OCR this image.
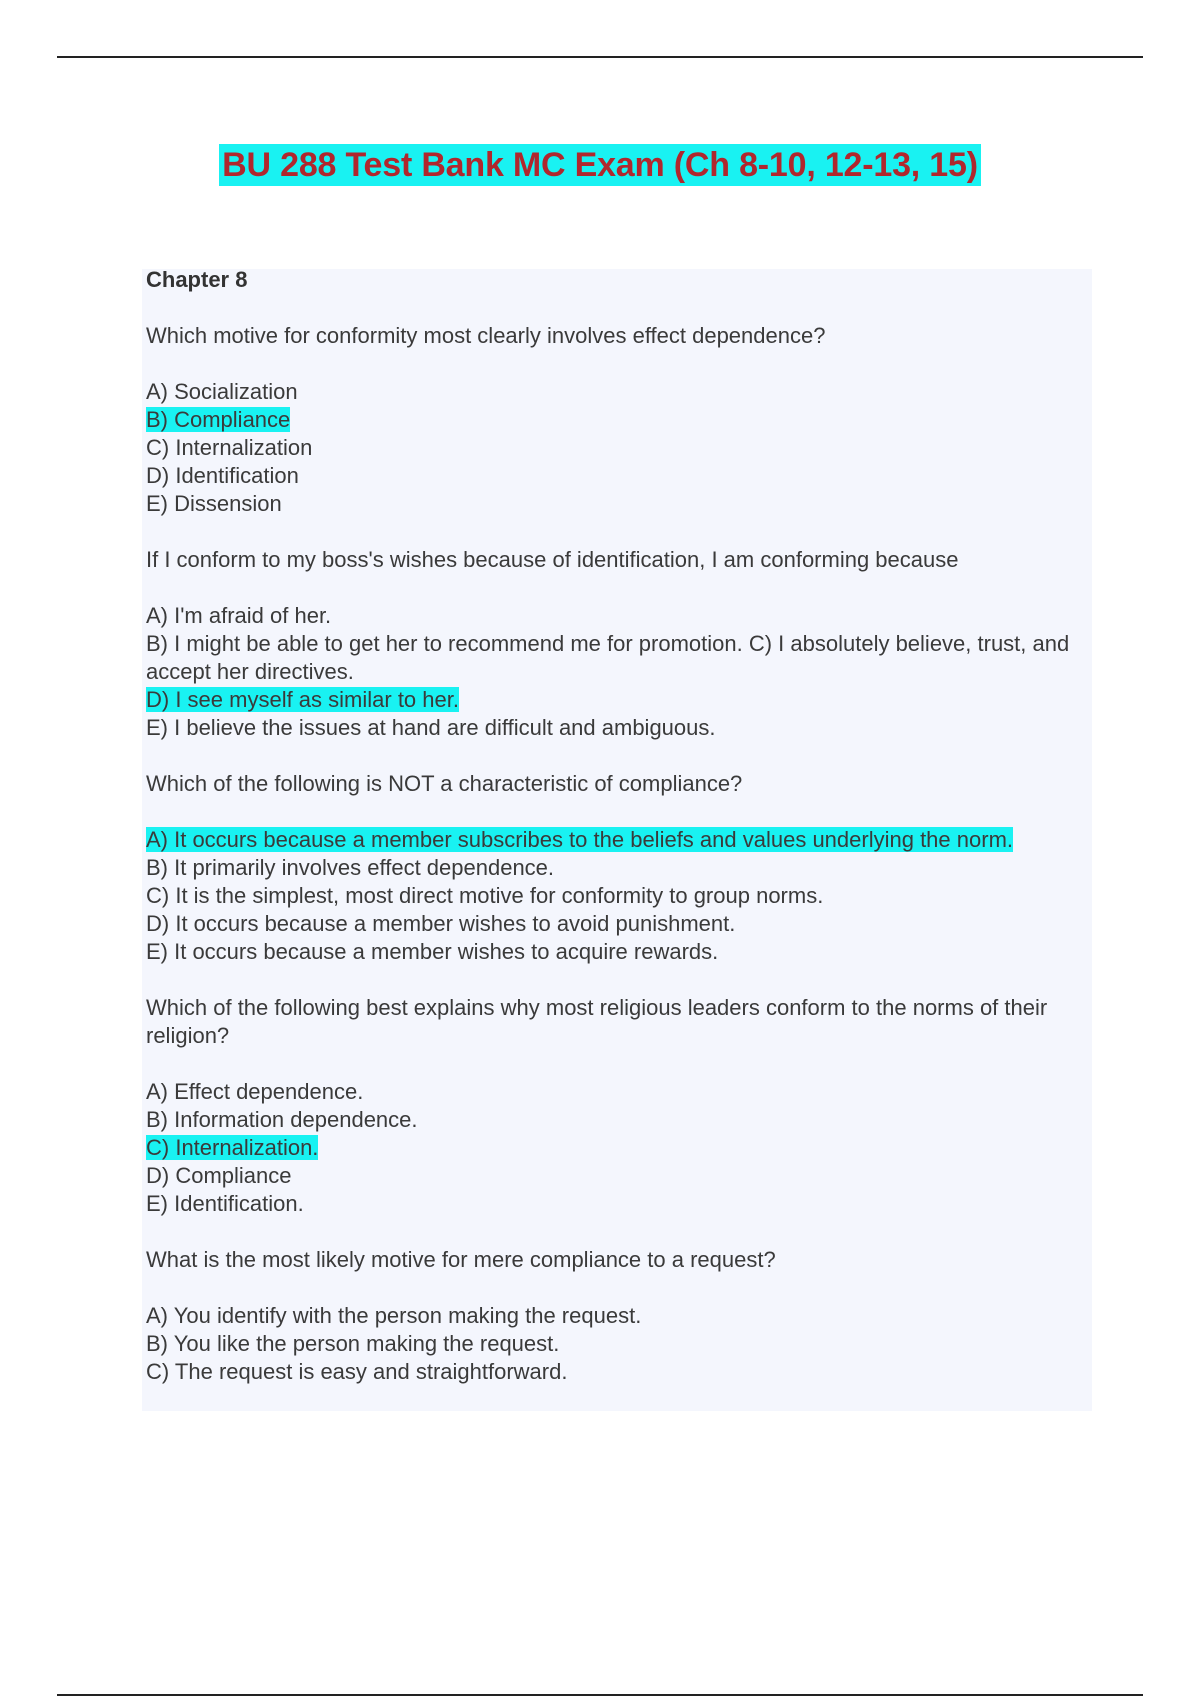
BU 288 Test Bank MC Exam (Ch 8-10, 12-13, 15)
Chapter 8
Which motive for conformity most clearly involves effect dependence?
A) Socialization
B) Compliance
C) Internalization
D) Identification
E) Dissension
If I conform to my boss's wishes because of identification, I am conforming because
A) I'm afraid of her.
B) I might be able to get her to recommend me for promotion. C) I absolutely believe, trust, and accept her directives.
D) I see myself as similar to her.
E) I believe the issues at hand are difficult and ambiguous.
Which of the following is NOT a characteristic of compliance?
A) It occurs because a member subscribes to the beliefs and values underlying the norm.
B) It primarily involves effect dependence.
C) It is the simplest, most direct motive for conformity to group norms.
D) It occurs because a member wishes to avoid punishment.
E) It occurs because a member wishes to acquire rewards.
Which of the following best explains why most religious leaders conform to the norms of their religion?
A) Effect dependence.
B) Information dependence.
C) Internalization.
D) Compliance
E) Identification.
What is the most likely motive for mere compliance to a request?
A) You identify with the person making the request.
B) You like the person making the request.
C) The request is easy and straightforward.
